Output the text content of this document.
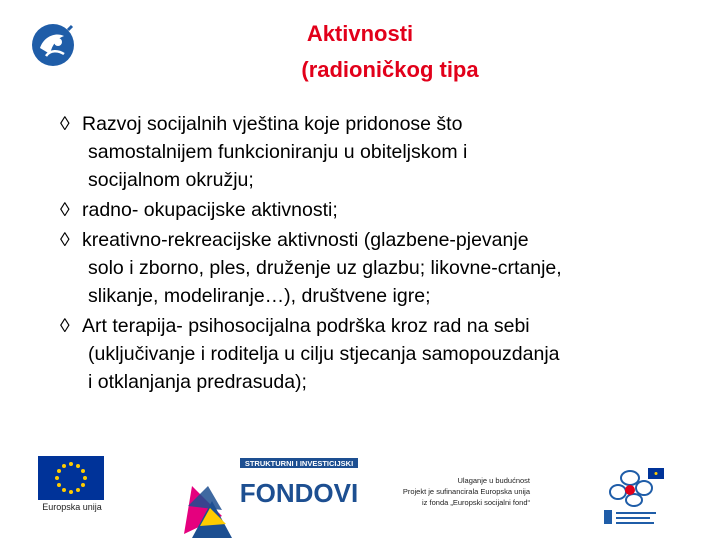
Aktivnosti
(radioničkog tipa
◊ Razvoj socijalnih vještina koje pridonose što
samostalnijem funkcioniranju u obiteljskom i
socijalnom okružju;
◊ radno- okupacijske aktivnosti;
◊ kreativno-rekreacijske aktivnosti (glazbene-pjevanje
solo i zborno, ples, druženje uz glazbu; likovne-crtanje,
slikanje, modeliranje…), društvene igre;
◊ Art terapija- psihosocijalna podrška kroz rad na sebi
(uključivanje i roditelja u cilju stjecanja samopouzdanja
i otklanjanja predrasuda);
Europska unija
STRUKTURNI I INVESTICIJSKI
FONDOVI	Ulaganje u budućnost
Projekt je sufinancirala Europska unija
iz fonda „Europski socijalni fond“
